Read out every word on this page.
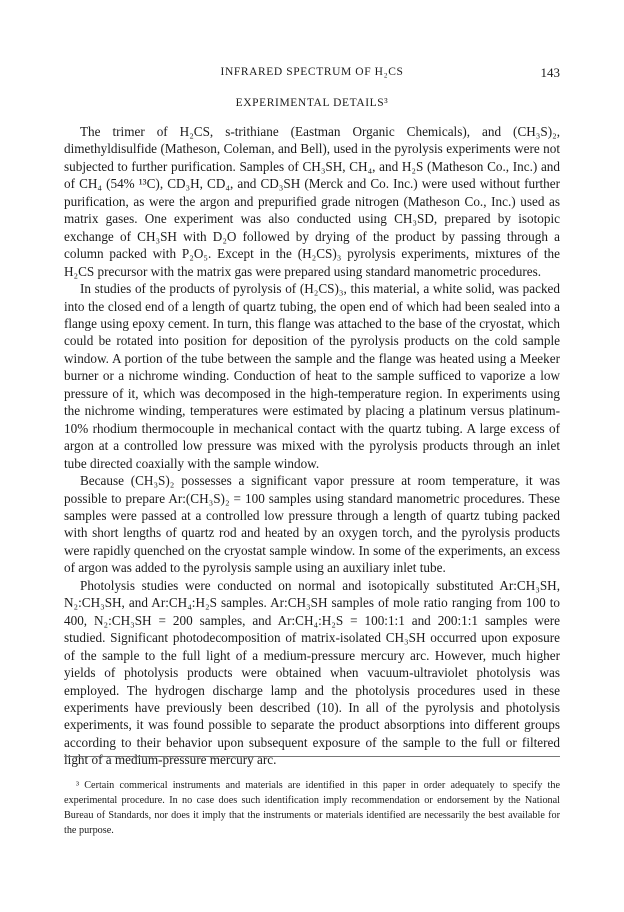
INFRARED SPECTRUM OF H₂CS	143
EXPERIMENTAL DETAILS³

The trimer of H₂CS, s-trithiane (Eastman Organic Chemicals), and (CH₃S)₂, dimethyldisulfide (Matheson, Coleman, and Bell), used in the pyrolysis experiments were not subjected to further purification. Samples of CH₃SH, CH₄, and H₂S (Matheson Co., Inc.) and of CH₄ (54% ¹³C), CD₃H, CD₄, and CD₃SH (Merck and Co. Inc.) were used without further purification, as were the argon and prepurified grade nitrogen (Matheson Co., Inc.) used as matrix gases. One experiment was also conducted using CH₃SD, prepared by isotopic exchange of CH₃SH with D₂O followed by drying of the product by passing through a column packed with P₂O₅. Except in the (H₂CS)₃ pyrolysis experiments, mixtures of the H₂CS precursor with the matrix gas were prepared using standard manometric procedures.

In studies of the products of pyrolysis of (H₂CS)₃, this material, a white solid, was packed into the closed end of a length of quartz tubing, the open end of which had been sealed into a flange using epoxy cement. In turn, this flange was attached to the base of the cryostat, which could be rotated into position for deposition of the pyrolysis products on the cold sample window. A portion of the tube between the sample and the flange was heated using a Meeker burner or a nichrome winding. Conduction of heat to the sample sufficed to vaporize a low pressure of it, which was decomposed in the high-temperature region. In experiments using the nichrome winding, temperatures were estimated by placing a platinum versus platinum-10% rhodium thermocouple in mechanical contact with the quartz tubing. A large excess of argon at a controlled low pressure was mixed with the pyrolysis products through an inlet tube directed coaxially with the sample window.

Because (CH₃S)₂ possesses a significant vapor pressure at room temperature, it was possible to prepare Ar:(CH₃S)₂ = 100 samples using standard manometric procedures. These samples were passed at a controlled low pressure through a length of quartz tubing packed with short lengths of quartz rod and heated by an oxygen torch, and the pyrolysis products were rapidly quenched on the cryostat sample window. In some of the experiments, an excess of argon was added to the pyrolysis sample using an auxiliary inlet tube.

Photolysis studies were conducted on normal and isotopically substituted Ar:CH₃SH, N₂:CH₃SH, and Ar:CH₄:H₂S samples. Ar:CH₃SH samples of mole ratio ranging from 100 to 400, N₂:CH₃SH = 200 samples, and Ar:CH₄:H₂S = 100:1:1 and 200:1:1 samples were studied. Significant photodecomposition of matrix-isolated CH₃SH occurred upon exposure of the sample to the full light of a medium-pressure mercury arc. However, much higher yields of photolysis products were obtained when vacuum-ultraviolet photolysis was employed. The hydrogen discharge lamp and the photolysis procedures used in these experiments have previously been described (10). In all of the pyrolysis and photolysis experiments, it was found possible to separate the product absorptions into different groups according to their behavior upon subsequent exposure of the sample to the full or filtered light of a medium-pressure mercury arc.

³ Certain commerical instruments and materials are identified in this paper in order adequately to specify the experimental procedure. In no case does such identification imply recommendation or endorsement by the National Bureau of Standards, nor does it imply that the instruments or materials identified are necessarily the best available for the purpose.
